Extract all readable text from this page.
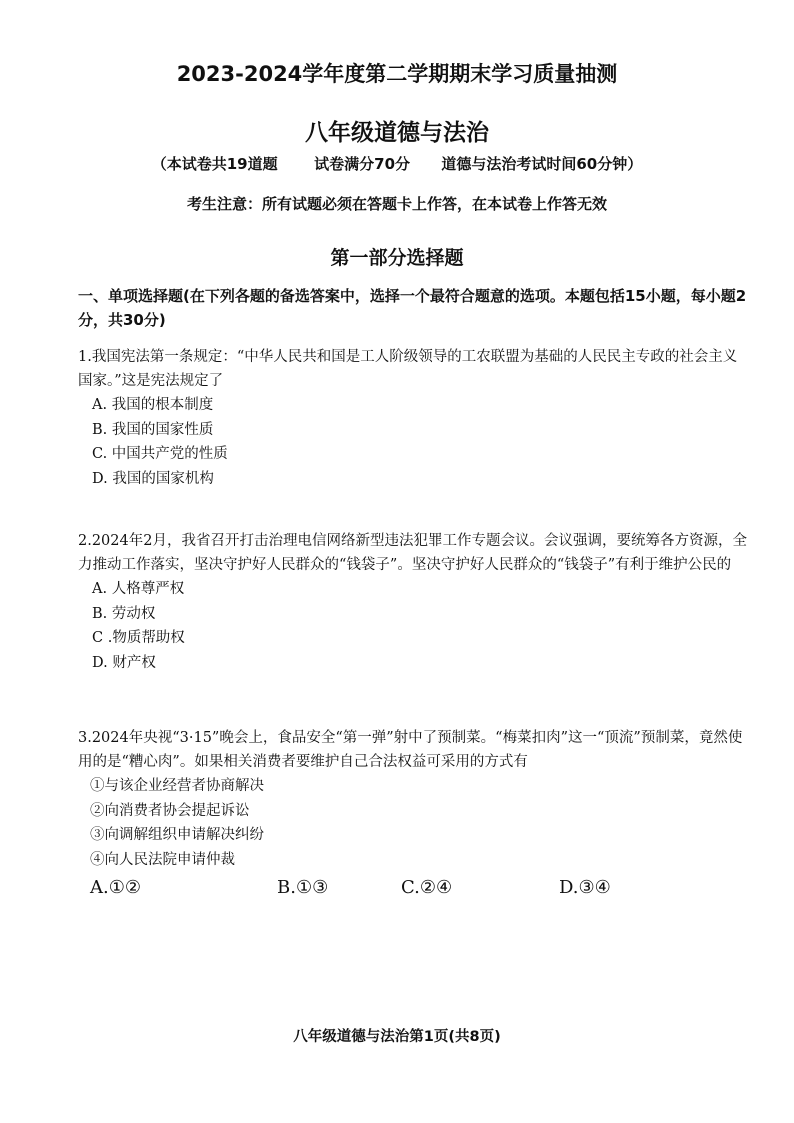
2023-2024学年度第二学期期末学习质量抽测
八年级道德与法治
（本试卷共19道题       试卷满分70分      道德与法治考试时间60分钟）
考生注意：所有试题必须在答题卡上作答，在本试卷上作答无效
第一部分选择题
一、单项选择题(在下列各题的备选答案中，选择一个最符合题意的选项。本题包括15小题，每小题2分，共30分)

1.我国宪法第一条规定：“中华人民共和国是工人阶级领导的工农联盟为基础的人民民主专政的社会主义国家。”这是宪法规定了

A. 我国的根本制度

B. 我国的国家性质

C. 中国共产党的性质

D. 我国的国家机构

2.2024年2月，我省召开打击治理电信网络新型违法犯罪工作专题会议。会议强调，要统筹各方资源，全力推动工作落实，坚决守护好人民群众的“钱袋子”。坚决守护好人民群众的“钱袋子”有利于维护公民的

A. 人格尊严权

B. 劳动权

C .物质帮助权

D. 财产权

3.2024年央视“3·15”晚会上，食品安全“第一弹”射中了预制菜。“梅菜扣肉”这一“顶流”预制菜，竟然使用的是“糟心肉”。如果相关消费者要维护自己合法权益可采用的方式有

①与该企业经营者协商解决

②向消费者协会提起诉讼

③向调解组织申请解决纠纷

④向人民法院申请仲裁

A.①②	B.①③	C.②④	D.③④
八年级道德与法治第1页(共8页)
